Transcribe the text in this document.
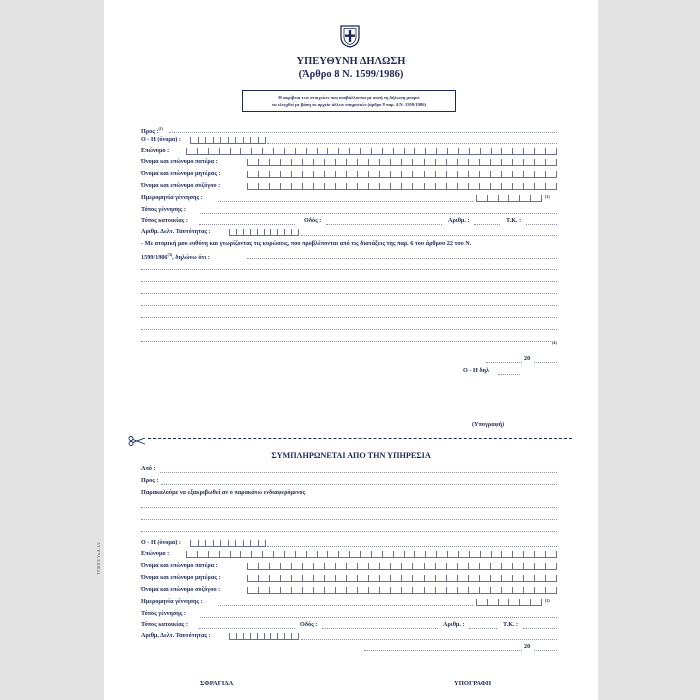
ΥΠΕΥΘΥΝΗ ΔΗΛΩΣΗ
(Άρθρο 8 Ν. 1599/1986)
Η ακρίβεια των στοιχείων που υποβάλλονται με αυτή τη δήλωση μπορεί
να ελεγχθεί με βάση το αρχείο άλλων υπηρεσιών (άρθρο 8 παρ. 4 Ν. 1599/1986)
Προς :$^{(1)}$
Ο - Η (όνομα) :
Επώνυμο :
Όνομα και επώνυμο πατέρα :
Όνομα και επώνυμο μητέρας :
Όνομα και επώνυμο συζύγου :
Ημερομηνία γέννησης :	(2)
Τόπος γέννησης :
Τόπος κατοικίας :	Οδός :	Αριθμ. :	Τ.Κ. :
Αριθμ. Δελτ. Ταυτότητας :
- Με ατομική μου ευθύνη και γνωρίζοντας τις κυρώσεις, που προβλέπονται από τις διατάξεις της παρ. 6 του άρθρου 22 του Ν.
1599/1986$^{(3)}$, δηλώνω ότι :
(4)
20
Ο - Η δηλ
(Υπογραφή)
ΣΥΜΠΛΗΡΩΝΕΤΑΙ ΑΠΟ ΤΗΝ ΥΠΗΡΕΣΙΑ
Από :
Προς :
Παρακαλούμε να εξακριβωθεί αν ο παρακάτω ενδιαφερόμενος
Ο - Η (όνομα) :
Επώνυμο :
Όνομα και επώνυμο πατέρα :
Όνομα και επώνυμο μητέρας :
Όνομα και επώνυμο συζύγου :
Ημερομηνία γέννησης :	(2)
Τόπος γέννησης :
Τόπος κατοικίας :	Οδός :	Αριθμ. :	Τ.Κ. :
Αριθμ. Δελτ. Ταυτότητας :
20
ΣΦΡΑΓΙΔΑ	ΥΠΟΓΡΑΦΗ
ΤΥΠΟΓΡ. Υπ.Δ. 1/2
